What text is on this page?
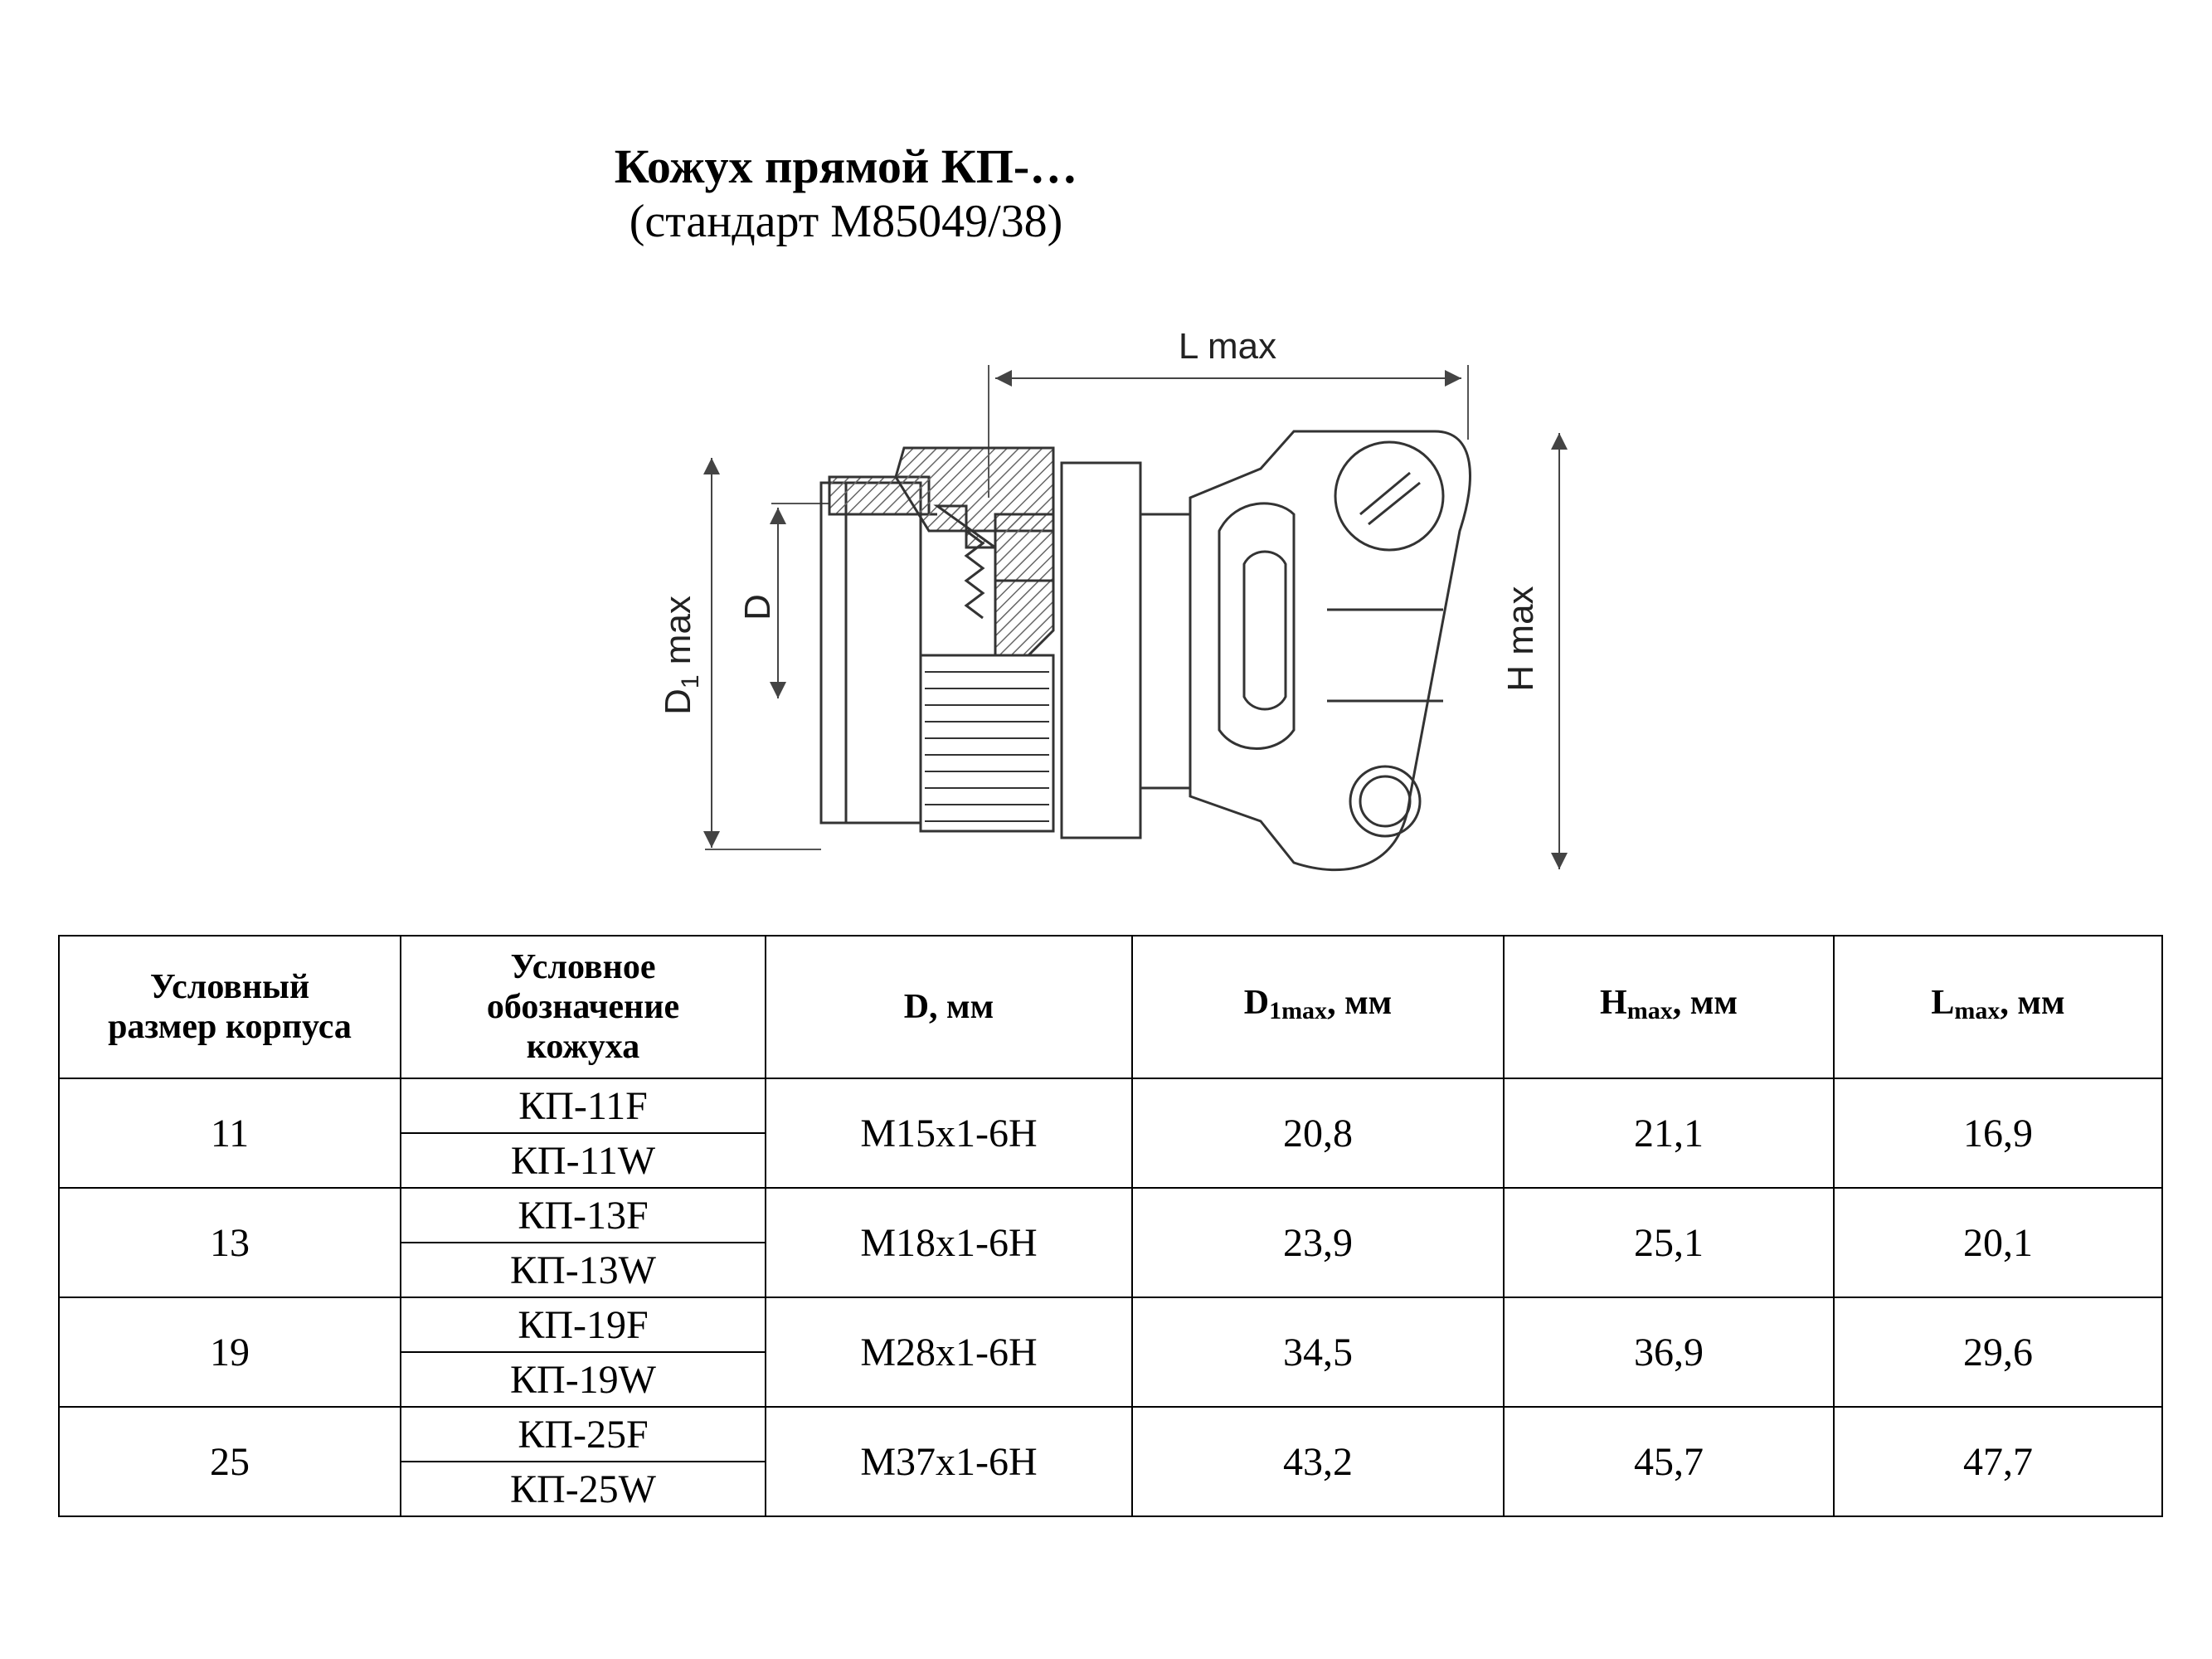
Кожух прямой КП-…
(стандарт M85049/38)
L max
$D_1$ max D	H max
Условный
размер корпуса	Условное
обозначение
кожуха	D, мм	$D_{1max}$, мм	$H_{max}$, мм	$L_{max}$, мм
11	КП-11F	M15x1-6H	20,8	21,1	16,9
	КП-11W				
13	КП-13F	M18x1-6H	23,9	25,1	20,1
	КП-13W				
19	КП-19F	M28x1-6H	34,5	36,9	29,6
	КП-19W				
25	КП-25F	M37x1-6H	43,2	45,7	47,7
	КП-25W				
